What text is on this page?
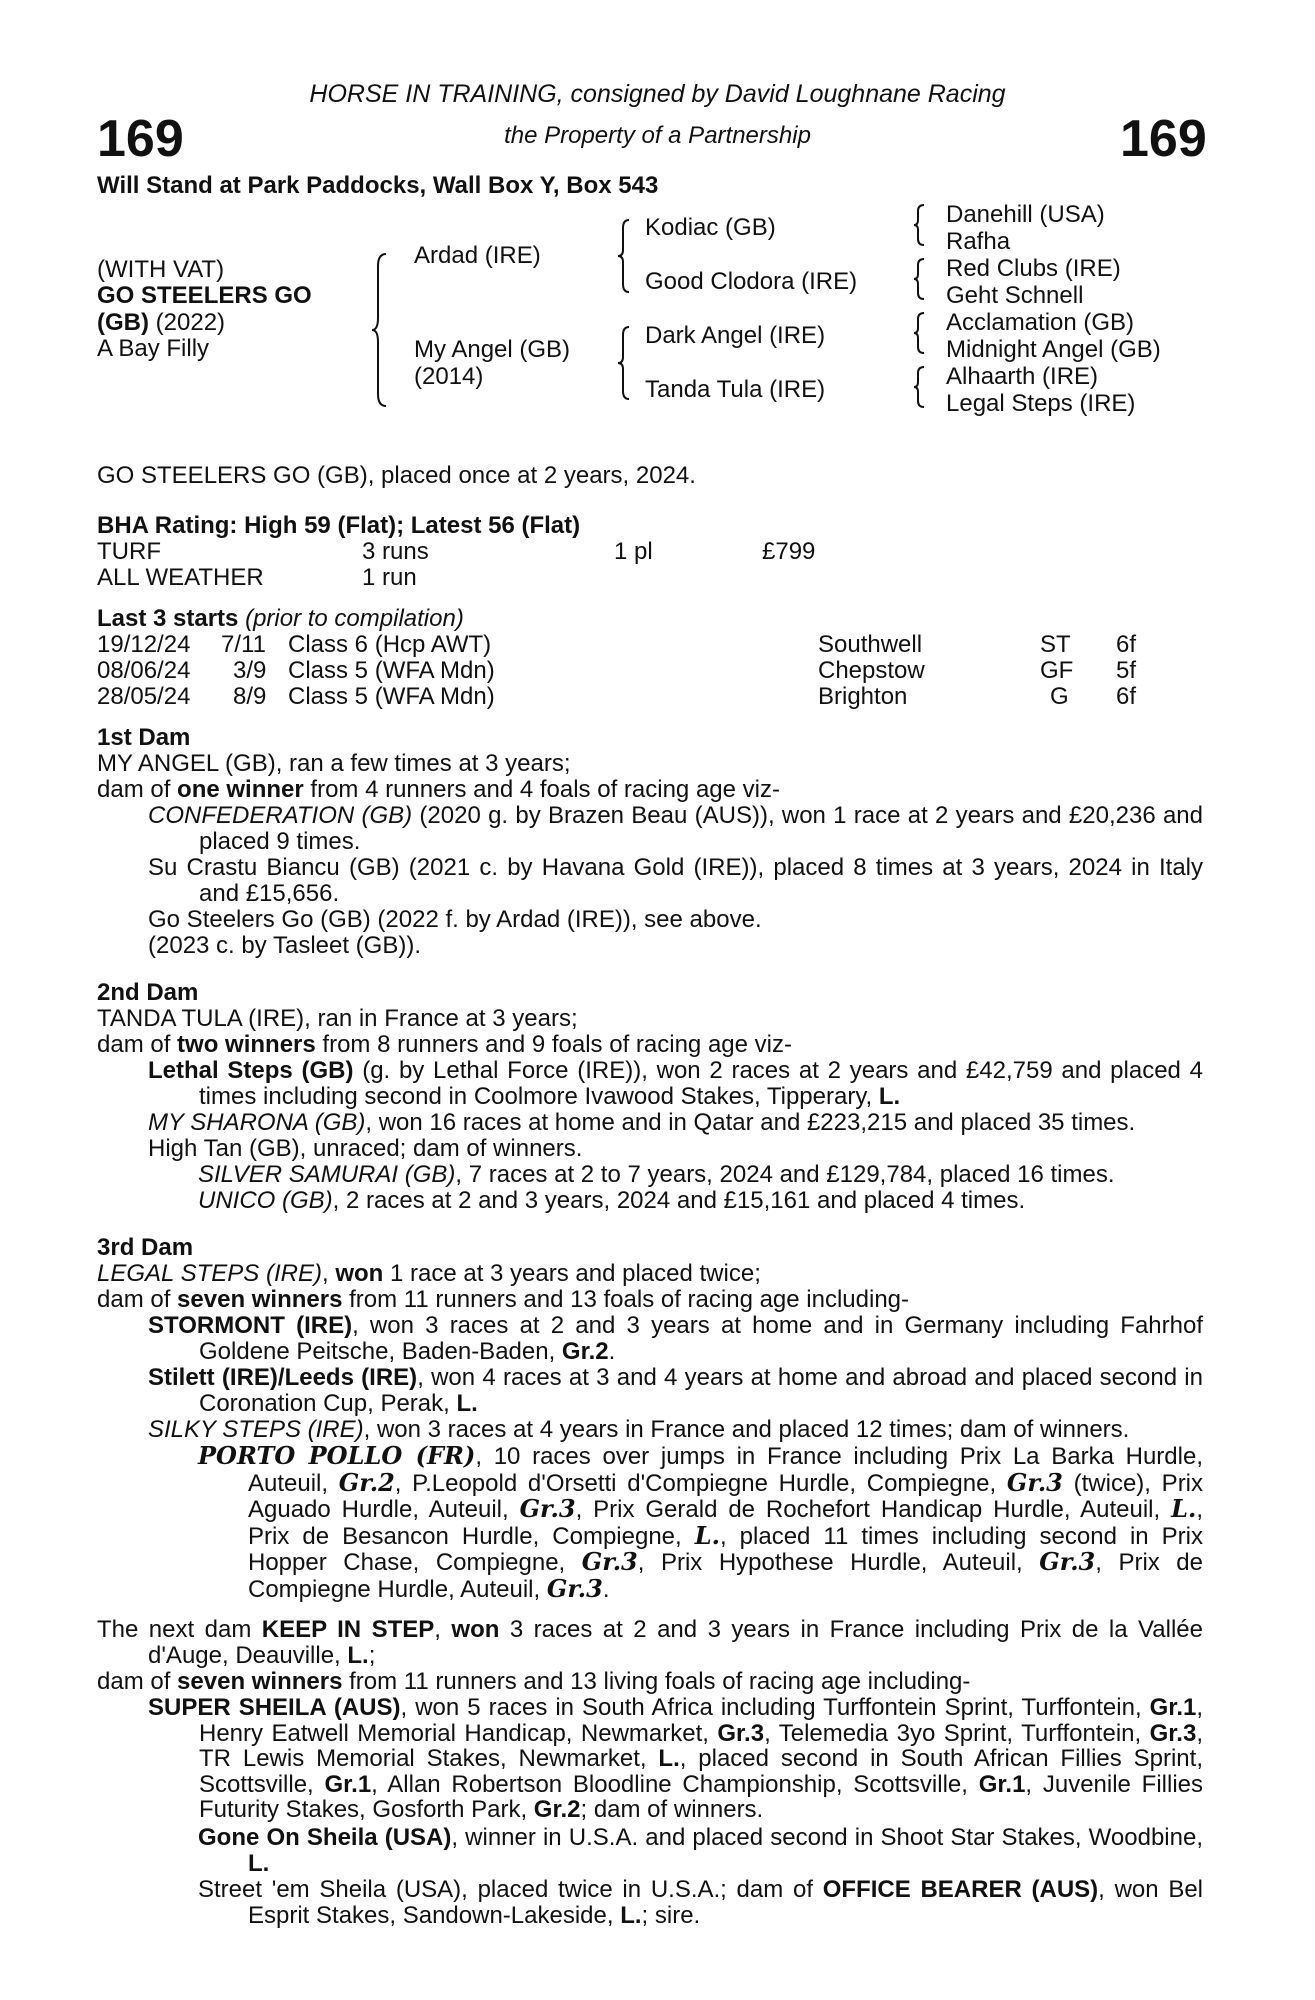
169	169
HORSE IN TRAINING, consigned by David Loughnane Racing
the Property of a Partnership
Will Stand at Park Paddocks, Wall Box Y, Box 543
(WITH VAT)
GO STEELERS GO
(GB) (2022)
A Bay Filly
Ardad (IRE)
My Angel (GB)
(2014)
Kodiac (GB)
Good Clodora (IRE)
Dark Angel (IRE)
Tanda Tula (IRE)
Danehill (USA)
Rafha
Red Clubs (IRE)
Geht Schnell
Acclamation (GB)
Midnight Angel (GB)
Alhaarth (IRE)
Legal Steps (IRE)
GO STEELERS GO (GB), placed once at 2 years, 2024.
BHA Rating: High 59 (Flat); Latest 56 (Flat)
TURF	3 runs	1 pl	£799
ALL WEATHER	1 run
Last 3 starts (prior to compilation)
19/12/24 7/11 Class 6 (Hcp AWT)	Southwell	ST 6f
08/06/24 3/9 Class 5 (WFA Mdn)	Chepstow	GF 5f
28/05/24 8/9 Class 5 (WFA Mdn)	Brighton	G 6f
1st Dam
MY ANGEL (GB), ran a few times at 3 years;
dam of one winner from 4 runners and 4 foals of racing age viz-
CONFEDERATION (GB) (2020 g. by Brazen Beau (AUS)), won 1 race at 2 years and £20,236 and placed 9 times.
Su Crastu Biancu (GB) (2021 c. by Havana Gold (IRE)), placed 8 times at 3 years, 2024 in Italy and £15,656.
Go Steelers Go (GB) (2022 f. by Ardad (IRE)), see above.
(2023 c. by Tasleet (GB)).
2nd Dam
TANDA TULA (IRE), ran in France at 3 years;
dam of two winners from 8 runners and 9 foals of racing age viz-
Lethal Steps (GB) (g. by Lethal Force (IRE)), won 2 races at 2 years and £42,759 and placed 4 times including second in Coolmore Ivawood Stakes, Tipperary, L.
MY SHARONA (GB), won 16 races at home and in Qatar and £223,215 and placed 35 times.
High Tan (GB), unraced; dam of winners.
SILVER SAMURAI (GB), 7 races at 2 to 7 years, 2024 and £129,784, placed 16 times.
UNICO (GB), 2 races at 2 and 3 years, 2024 and £15,161 and placed 4 times.
3rd Dam
LEGAL STEPS (IRE), won 1 race at 3 years and placed twice;
dam of seven winners from 11 runners and 13 foals of racing age including-
STORMONT (IRE), won 3 races at 2 and 3 years at home and in Germany including Fahrhof Goldene Peitsche, Baden-Baden, Gr.2.
Stilett (IRE)/Leeds (IRE), won 4 races at 3 and 4 years at home and abroad and placed second in Coronation Cup, Perak, L.
SILKY STEPS (IRE), won 3 races at 4 years in France and placed 12 times; dam of winners.
PORTO POLLO (FR), 10 races over jumps in France including Prix La Barka Hurdle, Auteuil, Gr.2, P.Leopold d'Orsetti d'Compiegne Hurdle, Compiegne, Gr.3 (twice), Prix Aguado Hurdle, Auteuil, Gr.3, Prix Gerald de Rochefort Handicap Hurdle, Auteuil, L., Prix de Besancon Hurdle, Compiegne, L., placed 11 times including second in Prix Hopper Chase, Compiegne, Gr.3, Prix Hypothese Hurdle, Auteuil, Gr.3, Prix de Compiegne Hurdle, Auteuil, Gr.3.
The next dam KEEP IN STEP, won 3 races at 2 and 3 years in France including Prix de la Vallée d'Auge, Deauville, L.;
dam of seven winners from 11 runners and 13 living foals of racing age including-
SUPER SHEILA (AUS), won 5 races in South Africa including Turffontein Sprint, Turffontein, Gr.1, Henry Eatwell Memorial Handicap, Newmarket, Gr.3, Telemedia 3yo Sprint, Turffontein, Gr.3, TR Lewis Memorial Stakes, Newmarket, L., placed second in South African Fillies Sprint, Scottsville, Gr.1, Allan Robertson Bloodline Championship, Scottsville, Gr.1, Juvenile Fillies Futurity Stakes, Gosforth Park, Gr.2; dam of winners.
Gone On Sheila (USA), winner in U.S.A. and placed second in Shoot Star Stakes, Woodbine, L.
Street 'em Sheila (USA), placed twice in U.S.A.; dam of OFFICE BEARER (AUS), won Bel Esprit Stakes, Sandown-Lakeside, L.; sire.
